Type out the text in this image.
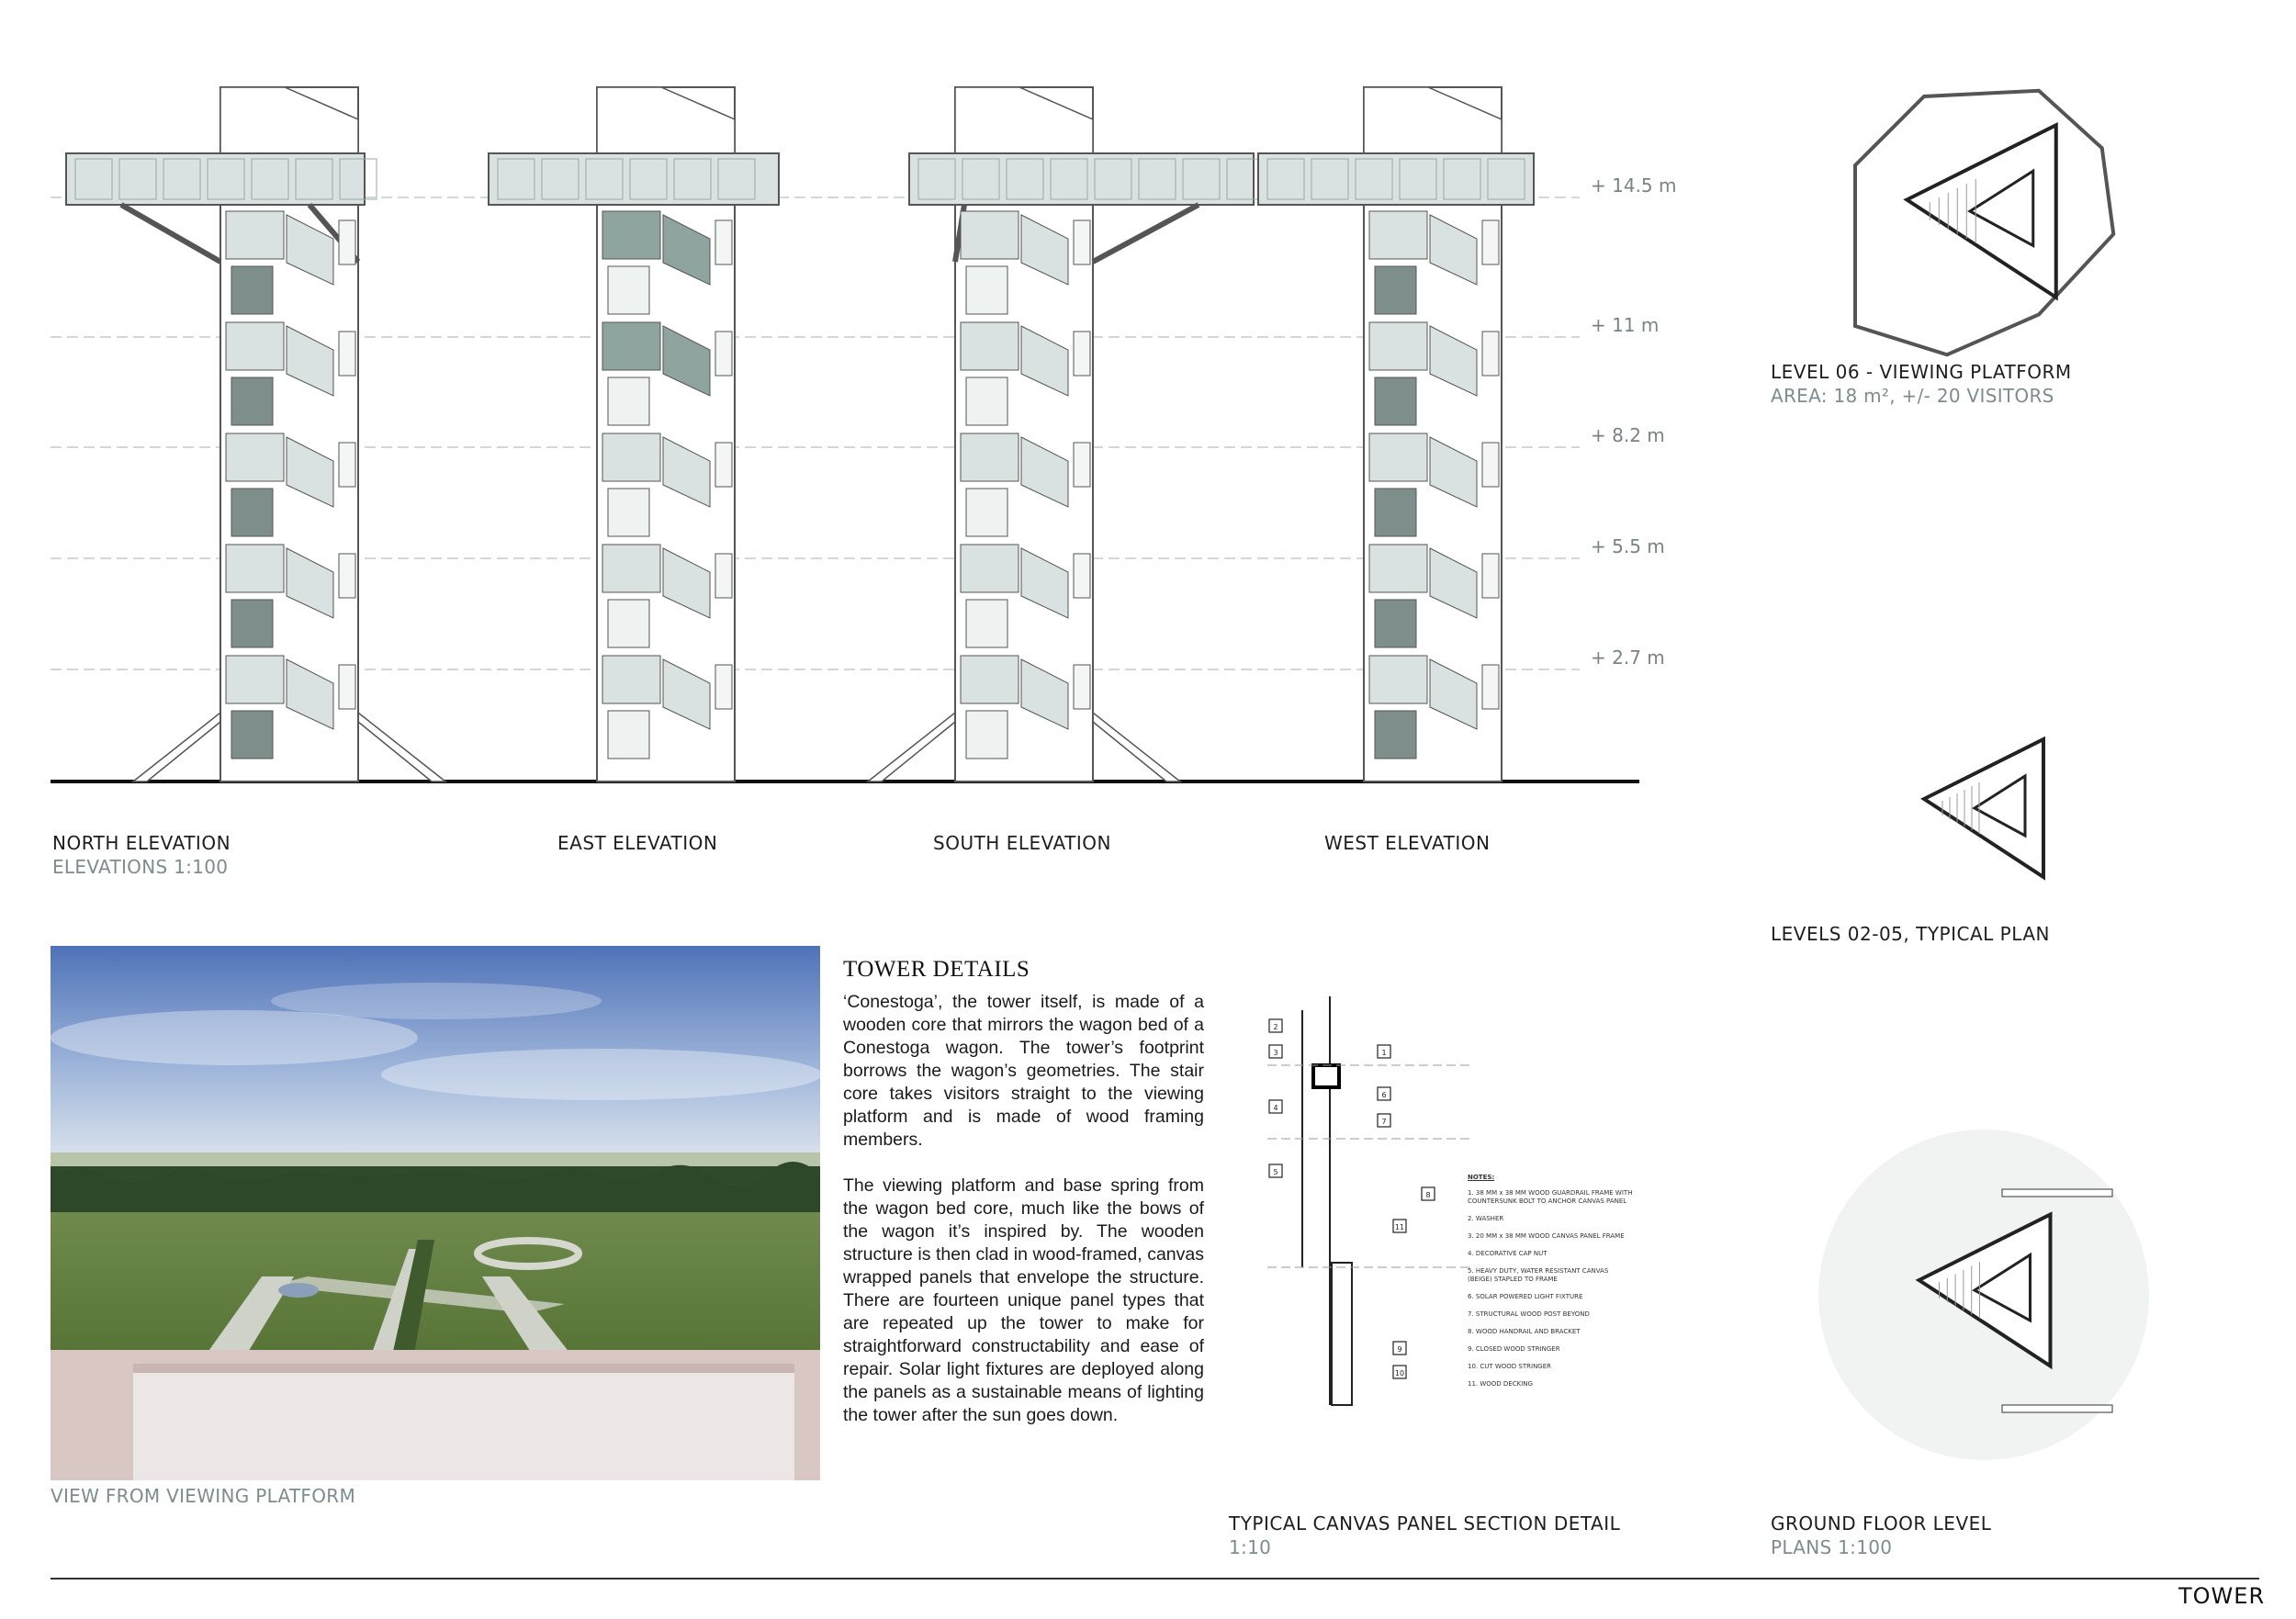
1
2
3
4
5
6
7
8
9
10
11
+ 14.5 m
+ 11 m
+ 8.2 m
+ 5.5 m
+ 2.7 m
NORTH ELEVATION
ELEVATIONS 1:100
EAST ELEVATION	SOUTH ELEVATION	WEST ELEVATION
LEVEL 06 - VIEWING PLATFORM
AREA: 18 m², +/- 20 VISITORS
LEVELS 02-05, TYPICAL PLAN
GROUND FLOOR LEVEL
PLANS 1:100
VIEW FROM VIEWING PLATFORM
TOWER DETAILS

‘Conestoga’, the tower itself, is made of a wooden core that mirrors the wagon bed of a Conestoga wagon. The tower’s footprint borrows the wagon’s geometries. The stair core takes visitors straight to the viewing platform and is made of wood framing members.

The viewing platform and base spring from the wagon bed core, much like the bows of the wagon it’s inspired by. The wooden structure is then clad in wood-framed, canvas wrapped panels that envelope the structure. There are fourteen unique panel types that are repeated up the tower to make for straightforward constructability and ease of repair. Solar light fixtures are deployed along the panels as a sustainable means of lighting the tower after the sun goes down.

NOTES:
1. 38 MM x 38 MM WOOD GUARDRAIL FRAME WITH COUNTERSUNK BOLT TO ANCHOR CANVAS PANEL
2. WASHER
3. 20 MM x 38 MM WOOD CANVAS PANEL FRAME
4. DECORATIVE CAP NUT
5. HEAVY DUTY, WATER RESISTANT CANVAS (BEIGE) STAPLED TO FRAME
6. SOLAR POWERED LIGHT FIXTURE
7. STRUCTURAL WOOD POST BEYOND
8. WOOD HANDRAIL AND BRACKET
9. CLOSED WOOD STRINGER
10. CUT WOOD STRINGER
11. WOOD DECKING
TYPICAL CANVAS PANEL SECTION DETAIL
1:10
TOWER
